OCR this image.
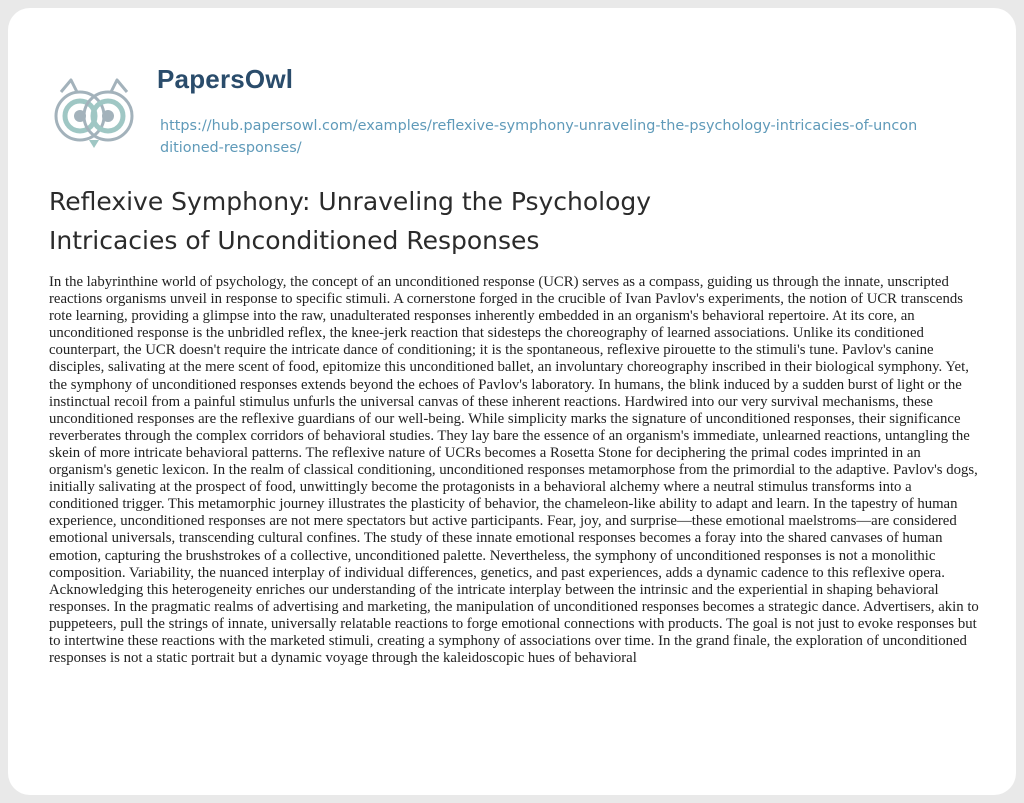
PapersOwl
https://hub.papersowl.com/examples/reflexive-symphony-unraveling-the-psychology-intricacies-of-unconditioned-responses/
Reflexive Symphony: Unraveling the Psychology
Intricacies of Unconditioned Responses

In the labyrinthine world of psychology, the concept of an unconditioned response (UCR) serves as a compass, guiding us through the innate, unscripted reactions organisms unveil in response to specific stimuli. A cornerstone forged in the crucible of Ivan Pavlov's experiments, the notion of UCR transcends rote learning, providing a glimpse into the raw, unadulterated responses inherently embedded in an organism's behavioral repertoire. At its core, an unconditioned response is the unbridled reflex, the knee-jerk reaction that sidesteps the choreography of learned associations. Unlike its conditioned counterpart, the UCR doesn't require the intricate dance of conditioning; it is the spontaneous, reflexive pirouette to the stimuli's tune. Pavlov's canine disciples, salivating at the mere scent of food, epitomize this unconditioned ballet, an involuntary choreography inscribed in their biological symphony. Yet, the symphony of unconditioned responses extends beyond the echoes of Pavlov's laboratory. In humans, the blink induced by a sudden burst of light or the instinctual recoil from a painful stimulus unfurls the universal canvas of these inherent reactions. Hardwired into our very survival mechanisms, these unconditioned responses are the reflexive guardians of our well-being. While simplicity marks the signature of unconditioned responses, their significance reverberates through the complex corridors of behavioral studies. They lay bare the essence of an organism's immediate, unlearned reactions, untangling the skein of more intricate behavioral patterns. The reflexive nature of UCRs becomes a Rosetta Stone for deciphering the primal codes imprinted in an organism's genetic lexicon. In the realm of classical conditioning, unconditioned responses metamorphose from the primordial to the adaptive. Pavlov's dogs, initially salivating at the prospect of food, unwittingly become the protagonists in a behavioral alchemy where a neutral stimulus transforms into a conditioned trigger. This metamorphic journey illustrates the plasticity of behavior, the chameleon-like ability to adapt and learn. In the tapestry of human experience, unconditioned responses are not mere spectators but active participants. Fear, joy, and surprise—these emotional maelstroms—are considered emotional universals, transcending cultural confines. The study of these innate emotional responses becomes a foray into the shared canvases of human emotion, capturing the brushstrokes of a collective, unconditioned palette. Nevertheless, the symphony of unconditioned responses is not a monolithic composition. Variability, the nuanced interplay of individual differences, genetics, and past experiences, adds a dynamic cadence to this reflexive opera. Acknowledging this heterogeneity enriches our understanding of the intricate interplay between the intrinsic and the experiential in shaping behavioral responses. In the pragmatic realms of advertising and marketing, the manipulation of unconditioned responses becomes a strategic dance. Advertisers, akin to puppeteers, pull the strings of innate, universally relatable reactions to forge emotional connections with products. The goal is not just to evoke responses but to intertwine these reactions with the marketed stimuli, creating a symphony of associations over time. In the grand finale, the exploration of unconditioned responses is not a static portrait but a dynamic voyage through the kaleidoscopic hues of behavioral
